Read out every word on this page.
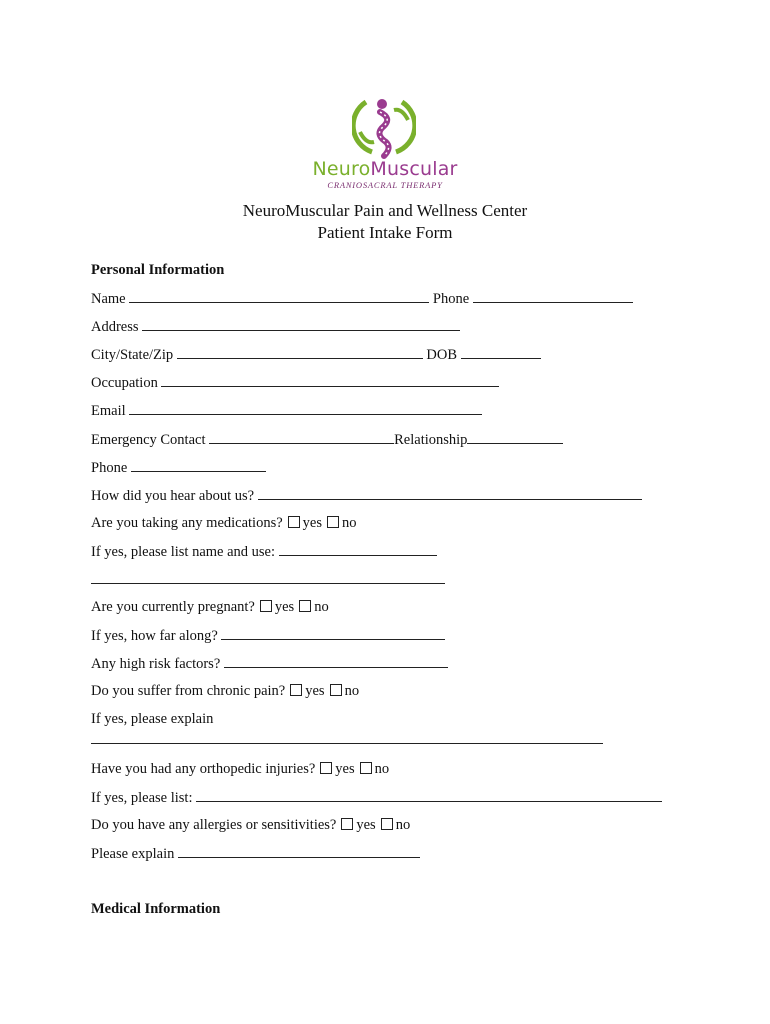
NeuroMuscular
CRANIOSACRAL THERAPY
NeuroMuscular Pain and Wellness Center
Patient Intake Form
Personal Information
Name	Phone
Address
City/State/Zip	DOB
Occupation
Email
Emergency Contact	Relationship
Phone
How did you hear about us?
Are you taking any medications? yes no
If yes, please list name and use:
Are you currently pregnant? yes no
If yes, how far along?
Any high risk factors?
Do you suffer from chronic pain? yes no
If yes, please explain
Have you had any orthopedic injuries? yes no
If yes, please list:
Do you have any allergies or sensitivities? yes no
Please explain
Medical Information
